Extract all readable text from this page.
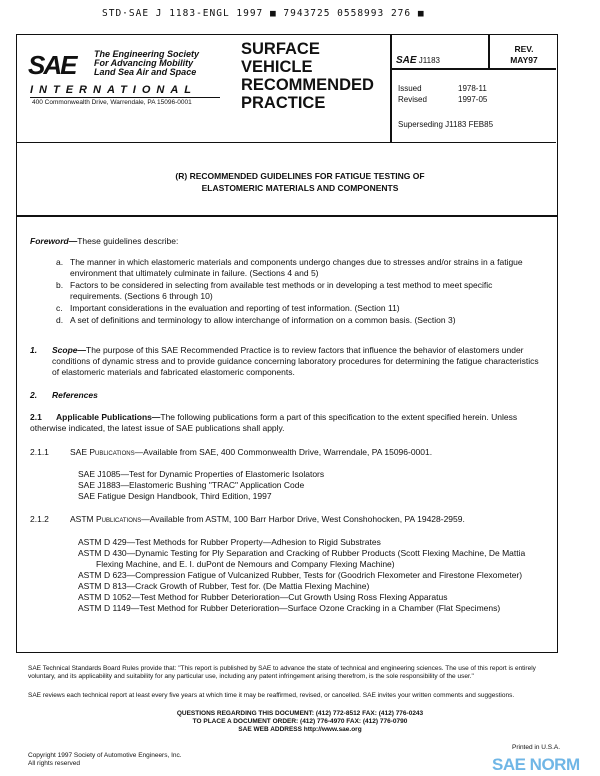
STD·SAE J 1183-ENGL 1997 ■ 7943725 0558993 276 ■
SAE The Engineering Society
For Advancing Mobility
Land Sea Air and Space
INTERNATIONAL
400 Commonwealth Drive, Warrendale, PA 15096-0001
SURFACE
VEHICLE
RECOMMENDED
PRACTICE
SAE J1183
REV.
MAY97
Issued	1978-11
Revised	1997-05
Superseding J1183 FEB85
(R) RECOMMENDED GUIDELINES FOR FATIGUE TESTING OF
ELASTOMERIC MATERIALS AND COMPONENTS
Foreword—These guidelines describe:
a. The manner in which elastomeric materials and components undergo changes due to stresses and/or strains in a fatigue environment that ultimately culminate in failure. (Sections 4 and 5)
b. Factors to be considered in selecting from available test methods or in developing a test method to meet specific requirements. (Sections 6 through 10)
c. Important considerations in the evaluation and reporting of test information. (Section 11)
d. A set of definitions and terminology to allow interchange of information on a common basis. (Section 3)
1.	Scope—The purpose of this SAE Recommended Practice is to review factors that influence the behavior of elastomers under conditions of dynamic stress and to provide guidance concerning laboratory procedures for determining the fatigue characteristics of elastomeric materials and fabricated elastomeric components.
2. References
2.1 Applicable Publications—The following publications form a part of this specification to the extent specified herein. Unless otherwise indicated, the latest issue of SAE publications shall apply.
2.1.1 SAE Publications—Available from SAE, 400 Commonwealth Drive, Warrendale, PA 15096-0001.
SAE J1085—Test for Dynamic Properties of Elastomeric Isolators
SAE J1883—Elastomeric Bushing "TRAC" Application Code
SAE Fatigue Design Handbook, Third Edition, 1997
2.1.2 ASTM Publications—Available from ASTM, 100 Barr Harbor Drive, West Conshohocken, PA 19428-2959.
ASTM D 429—Test Methods for Rubber Property—Adhesion to Rigid Substrates
ASTM D 430—Dynamic Testing for Ply Separation and Cracking of Rubber Products (Scott Flexing Machine, De Mattia Flexing Machine, and E. I. duPont de Nemours and Company Flexing Machine)
ASTM D 623—Compression Fatigue of Vulcanized Rubber, Tests for (Goodrich Flexometer and Firestone Flexometer)
ASTM D 813—Crack Growth of Rubber, Test for. (De Mattia Flexing Machine)
ASTM D 1052—Test Method for Rubber Deterioration—Cut Growth Using Ross Flexing Apparatus
ASTM D 1149—Test Method for Rubber Deterioration—Surface Ozone Cracking in a Chamber (Flat Specimens)
SAE Technical Standards Board Rules provide that: "This report is published by SAE to advance the state of technical and engineering sciences. The use of this report is entirely voluntary, and its applicability and suitability for any particular use, including any patent infringement arising therefrom, is the sole responsibility of the user."
SAE reviews each technical report at least every five years at which time it may be reaffirmed, revised, or cancelled. SAE invites your written comments and suggestions.
QUESTIONS REGARDING THIS DOCUMENT: (412) 772-8512 FAX: (412) 776-0243
TO PLACE A DOCUMENT ORDER: (412) 776-4970 FAX: (412) 776-0790
SAE WEB ADDRESS http://www.sae.org
Copyright 1997 Society of Automotive Engineers, Inc.
All rights reserved
Printed in U.S.A.
SAE NORM
